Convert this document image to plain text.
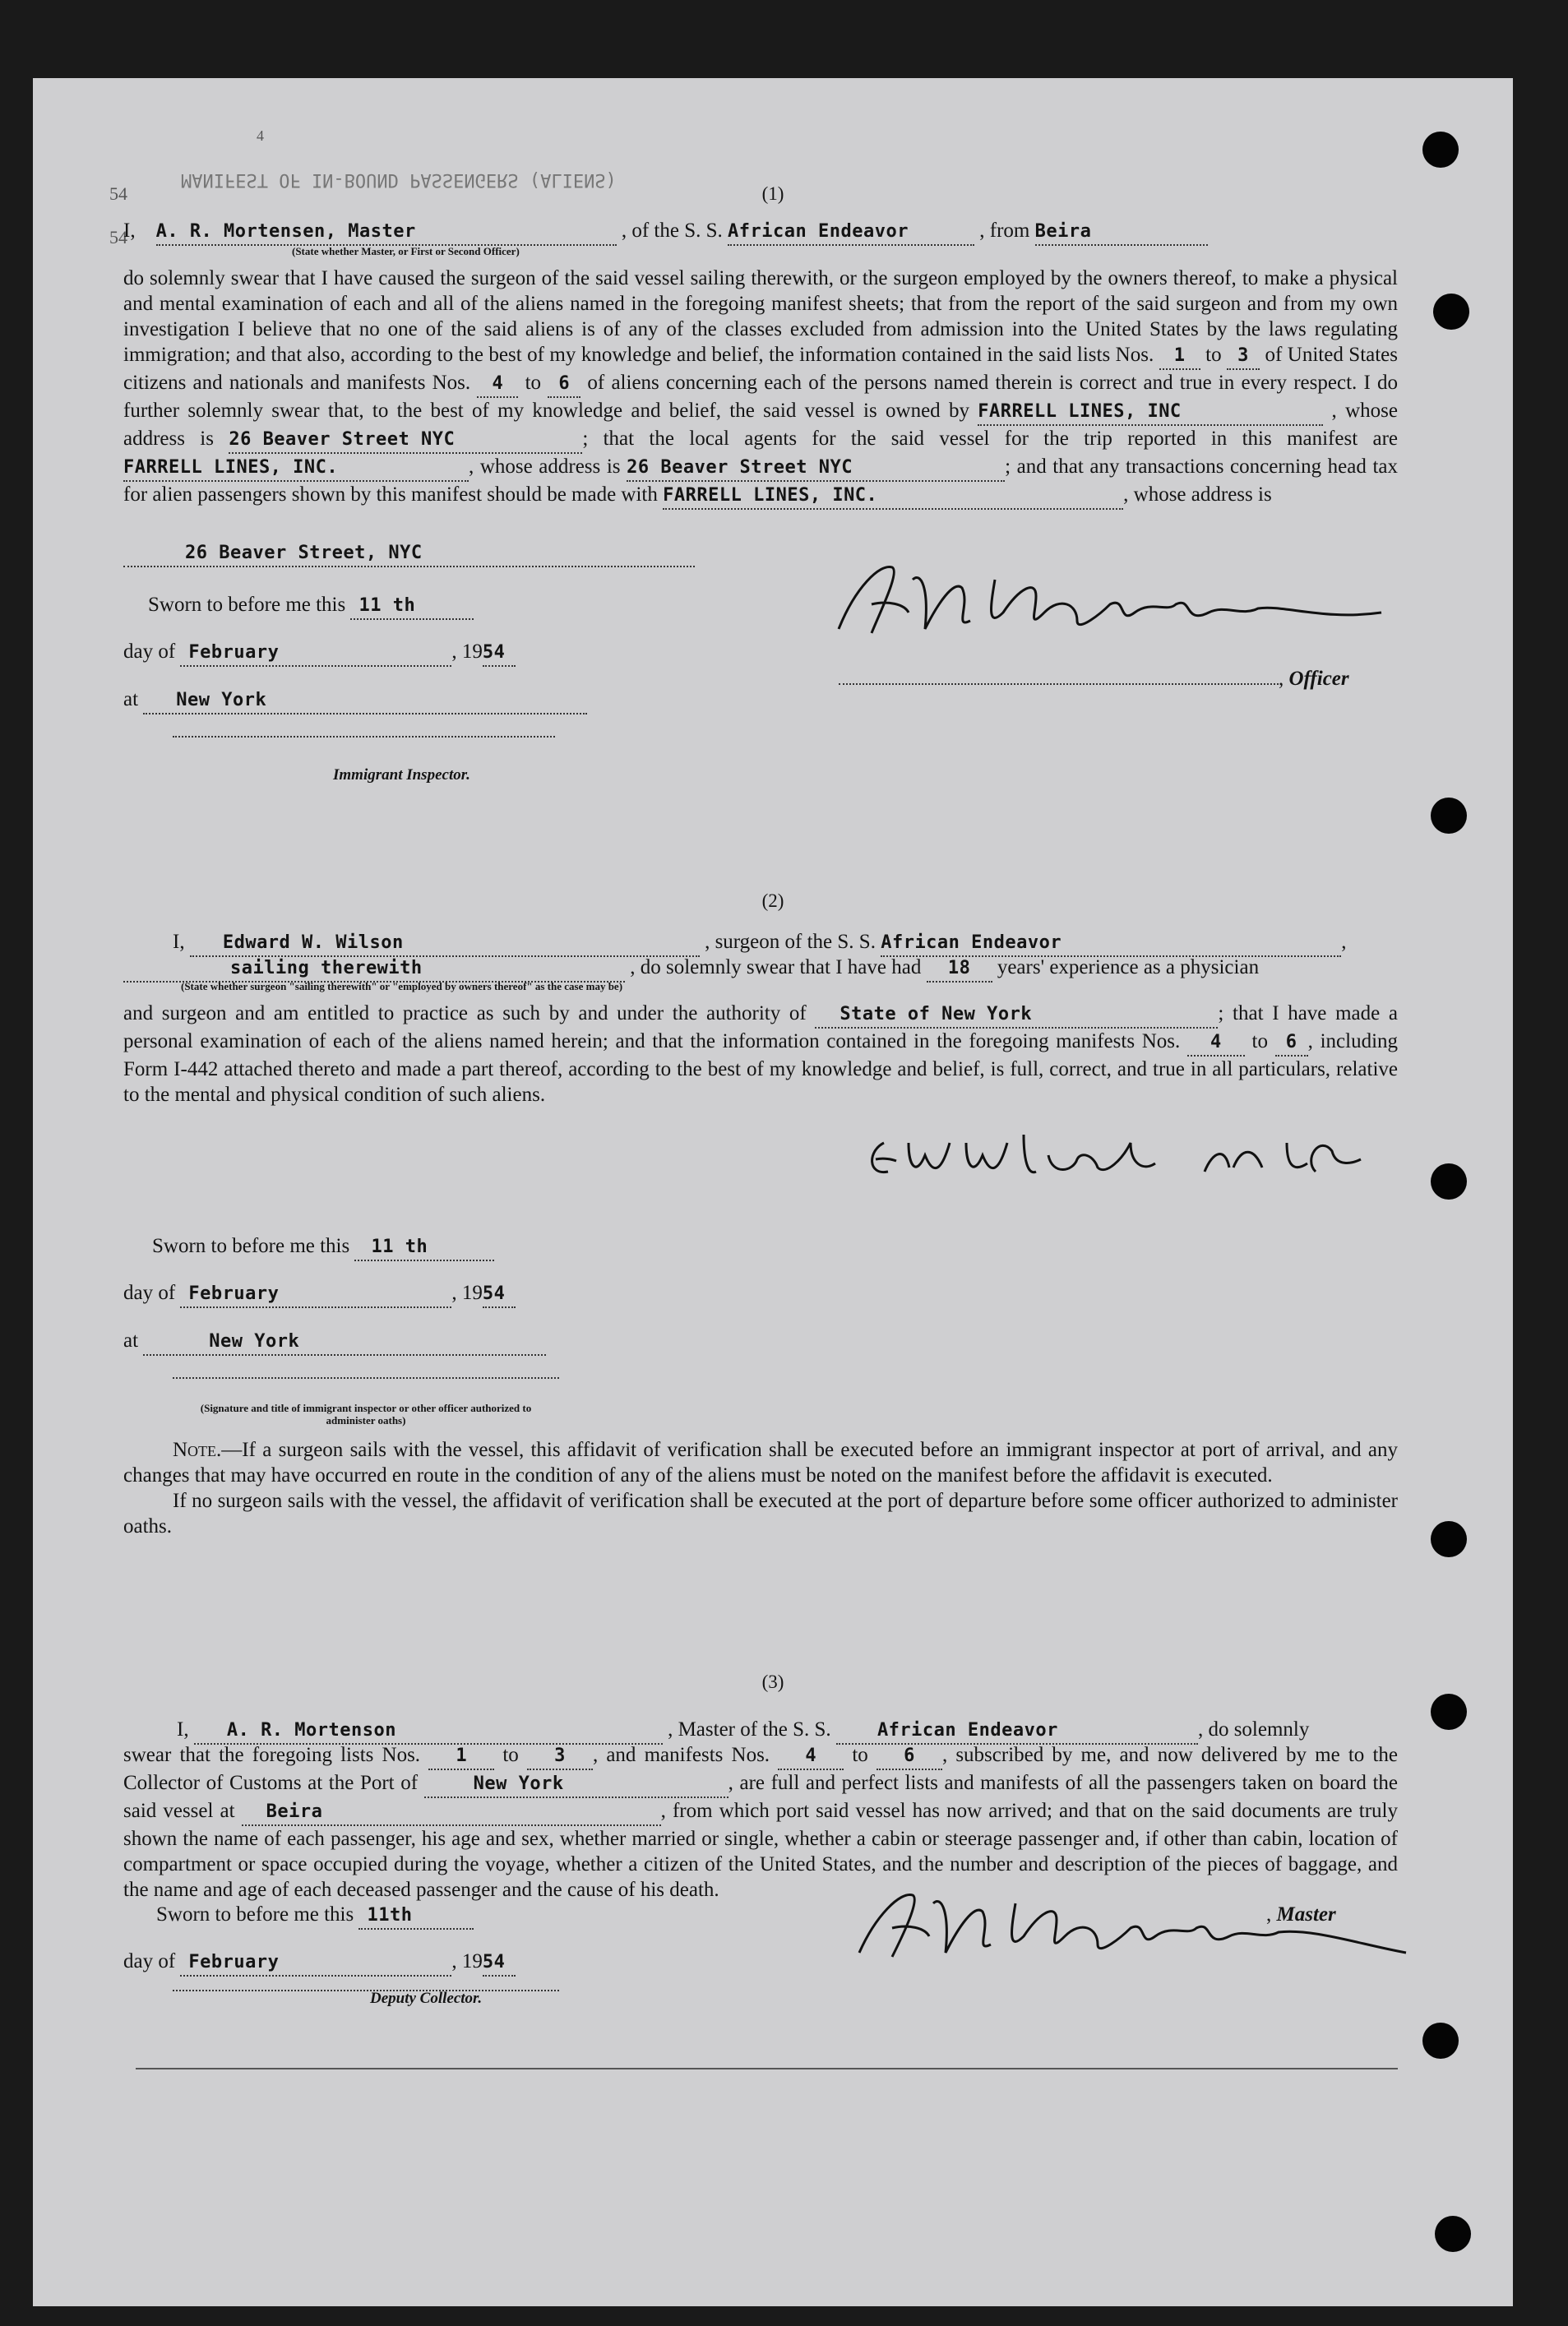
MANIFEST OF IN-BOUND PASSENGERS (ALIENS)
4
54
54
(1)
I,    A. R. Mortensen, Master	, of the S. S. African Endeavor	, from Beira
(State whether Master, or First or Second Officer)

do solemnly swear that I have caused the surgeon of the said vessel sailing therewith, or the surgeon employed by the owners thereof, to make a physical and mental examination of each and all of the aliens named in the foregoing manifest sheets; that from the report of the said surgeon and from my own investigation I believe that no one of the said aliens is of any of the classes excluded from admission into the United States by the laws regulating immigration; and that also, according to the best of my knowledge and belief, the information contained in the said lists Nos. 1 to 3 of United States citizens and nationals and manifests Nos. 4 to 6 of aliens concerning each of the persons named therein is correct and true in every respect. I do further solemnly swear that, to the best of my knowledge and belief, the said vessel is owned by FARRELL LINES, INC	, whose address is 26 Beaver Street NYC	; that the local agents for the said vessel for the trip reported in this manifest are FARRELL LINES, INC.	, whose address is 26 Beaver Street NYC	; and that any transactions concerning head tax for alien passengers shown by this manifest should be made with FARRELL LINES, INC.	, whose address is

26 Beaver Street, NYC
Sworn to before me this 11 th
day of February	, 1954
at New York
, Officer
Immigrant Inspector.
(2)
I, Edward W. Wilson	, surgeon of the S. S. African Endeavor	,
sailing therewith	, do solemnly swear that I have had 18 years' experience as a physician
(State whether surgeon "sailing therewith" or "employed by owners thereof" as the case may be)

and surgeon and am entitled to practice as such by and under the authority of State of New York	; that I have made a personal examination of each of the aliens named herein; and that the information contained in the foregoing manifests Nos. 4 to 6 , including Form I-442 attached thereto and made a part thereof, according to the best of my knowledge and belief, is full, correct, and true in all particulars, relative to the mental and physical condition of such aliens.

Sworn to before me this 11 th
day of February	, 1954
at	New York
(Signature and title of immigrant inspector or other officer authorized to administer oaths)

Note.—If a surgeon sails with the vessel, this affidavit of verification shall be executed before an immigrant inspector at port of arrival, and any changes that may have occurred en route in the condition of any of the aliens must be noted on the manifest before the affidavit is executed.

If no surgeon sails with the vessel, the affidavit of verification shall be executed at the port of departure before some officer authorized to administer oaths.

(3)
I, A. R. Mortenson	, Master of the S. S. African Endeavor	, do solemnly

swear that the foregoing lists Nos. 1 to 3 , and manifests Nos. 4 to 6 , subscribed by me, and now delivered by me to the Collector of Customs at the Port of	New York	, are full and perfect lists and manifests of all the passengers taken on board the said vessel at Beira	, from which port said vessel has now arrived; and that on the said documents are truly shown the name of each passenger, his age and sex, whether married or single, whether a cabin or steerage passenger and, if other than cabin, location of compartment or space occupied during the voyage, whether a citizen of the United States, and the number and description of the pieces of baggage, and the name and age of each deceased passenger and the cause of his death.

Sworn to before me this 11th	, Master
day of February	, 1954
Deputy Collector.
